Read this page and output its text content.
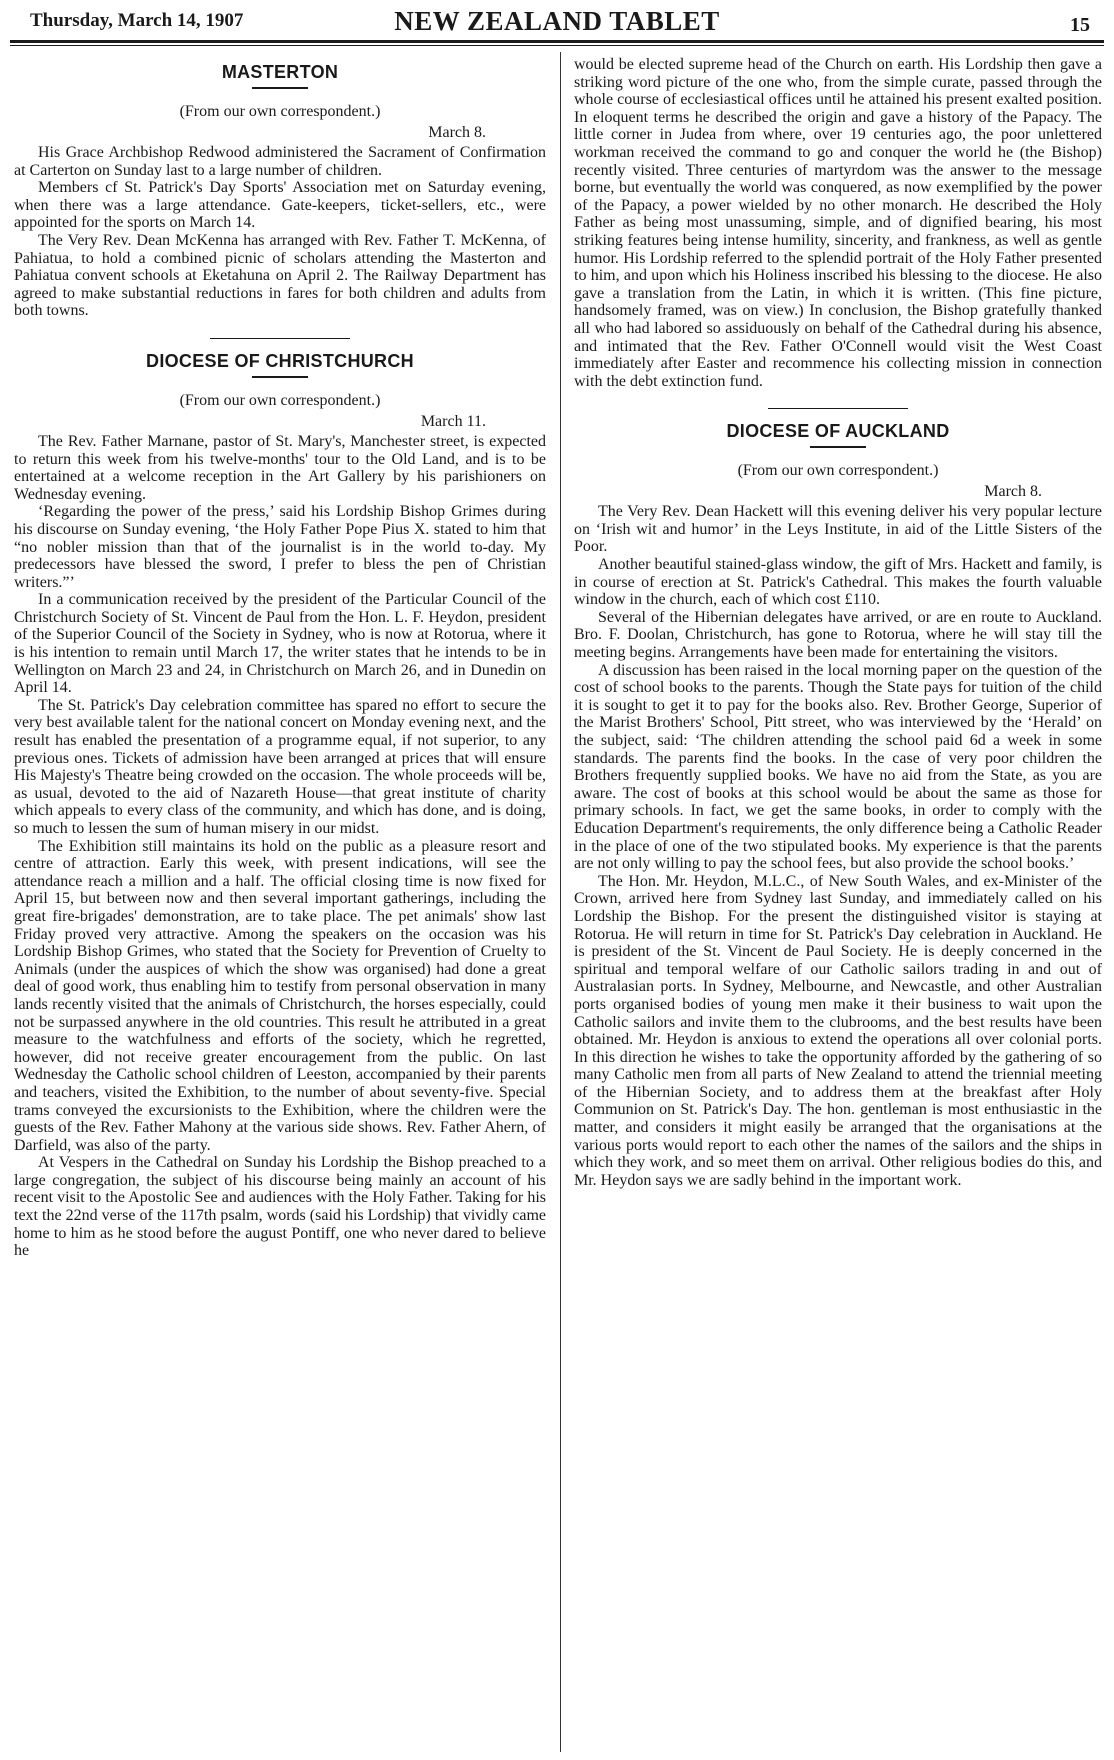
Thursday, March 14, 1907	NEW ZEALAND TABLET	15
MASTERTON
(From our own correspondent.)
March 8.

His Grace Archbishop Redwood administered the Sacrament of Confirmation at Carterton on Sunday last to a large number of children.

Members cf St. Patrick's Day Sports' Association met on Saturday evening, when there was a large attendance. Gate-keepers, ticket-sellers, etc., were appointed for the sports on March 14.

The Very Rev. Dean McKenna has arranged with Rev. Father T. McKenna, of Pahiatua, to hold a combined picnic of scholars attending the Masterton and Pahiatua convent schools at Eketahuna on April 2. The Railway Department has agreed to make substantial reductions in fares for both children and adults from both towns.

DIOCESE OF CHRISTCHURCH
(From our own correspondent.)
March 11.

The Rev. Father Marnane, pastor of St. Mary's, Manchester street, is expected to return this week from his twelve-months' tour to the Old Land, and is to be entertained at a welcome reception in the Art Gallery by his parishioners on Wednesday evening.

‘Regarding the power of the press,’ said his Lordship Bishop Grimes during his discourse on Sunday evening, ‘the Holy Father Pope Pius X. stated to him that “no nobler mission than that of the journalist is in the world to-day. My predecessors have blessed the sword, I prefer to bless the pen of Christian writers.”’

In a communication received by the president of the Particular Council of the Christchurch Society of St. Vincent de Paul from the Hon. L. F. Heydon, president of the Superior Council of the Society in Sydney, who is now at Rotorua, where it is his intention to remain until March 17, the writer states that he intends to be in Wellington on March 23 and 24, in Christchurch on March 26, and in Dunedin on April 14.

The St. Patrick's Day celebration committee has spared no effort to secure the very best available talent for the national concert on Monday evening next, and the result has enabled the presentation of a programme equal, if not superior, to any previous ones. Tickets of admission have been arranged at prices that will ensure His Majesty's Theatre being crowded on the occasion. The whole proceeds will be, as usual, devoted to the aid of Nazareth House—that great institute of charity which appeals to every class of the community, and which has done, and is doing, so much to lessen the sum of human misery in our midst.

The Exhibition still maintains its hold on the public as a pleasure resort and centre of attraction. Early this week, with present indications, will see the attendance reach a million and a half. The official closing time is now fixed for April 15, but between now and then several important gatherings, including the great fire-brigades' demonstration, are to take place. The pet animals' show last Friday proved very attractive. Among the speakers on the occasion was his Lordship Bishop Grimes, who stated that the Society for Prevention of Cruelty to Animals (under the auspices of which the show was organised) had done a great deal of good work, thus enabling him to testify from personal observation in many lands recently visited that the animals of Christchurch, the horses especially, could not be surpassed anywhere in the old countries. This result he attributed in a great measure to the watchfulness and efforts of the society, which he regretted, however, did not receive greater encouragement from the public. On last Wednesday the Catholic school children of Leeston, accompanied by their parents and teachers, visited the Exhibition, to the number of about seventy-five. Special trams conveyed the excursionists to the Exhibition, where the children were the guests of the Rev. Father Mahony at the various side shows. Rev. Father Ahern, of Darfield, was also of the party.

At Vespers in the Cathedral on Sunday his Lordship the Bishop preached to a large congregation, the subject of his discourse being mainly an account of his recent visit to the Apostolic See and audiences with the Holy Father. Taking for his text the 22nd verse of the 117th psalm, words (said his Lordship) that vividly came home to him as he stood before the august Pontiff, one who never dared to believe he

would be elected supreme head of the Church on earth. His Lordship then gave a striking word picture of the one who, from the simple curate, passed through the whole course of ecclesiastical offices until he attained his present exalted position. In eloquent terms he described the origin and gave a history of the Papacy. The little corner in Judea from where, over 19 centuries ago, the poor unlettered workman received the command to go and conquer the world he (the Bishop) recently visited. Three centuries of martyrdom was the answer to the message borne, but eventually the world was conquered, as now exemplified by the power of the Papacy, a power wielded by no other monarch. He described the Holy Father as being most unassuming, simple, and of dignified bearing, his most striking features being intense humility, sincerity, and frankness, as well as gentle humor. His Lordship referred to the splendid portrait of the Holy Father presented to him, and upon which his Holiness inscribed his blessing to the diocese. He also gave a translation from the Latin, in which it is written. (This fine picture, handsomely framed, was on view.) In conclusion, the Bishop gratefully thanked all who had labored so assiduously on behalf of the Cathedral during his absence, and intimated that the Rev. Father O'Connell would visit the West Coast immediately after Easter and recommence his collecting mission in connection with the debt extinction fund.

DIOCESE OF AUCKLAND
(From our own correspondent.)
March 8.

The Very Rev. Dean Hackett will this evening deliver his very popular lecture on ‘Irish wit and humor’ in the Leys Institute, in aid of the Little Sisters of the Poor.

Another beautiful stained-glass window, the gift of Mrs. Hackett and family, is in course of erection at St. Patrick's Cathedral. This makes the fourth valuable window in the church, each of which cost £110.

Several of the Hibernian delegates have arrived, or are en route to Auckland. Bro. F. Doolan, Christchurch, has gone to Rotorua, where he will stay till the meeting begins. Arrangements have been made for entertaining the visitors.

A discussion has been raised in the local morning paper on the question of the cost of school books to the parents. Though the State pays for tuition of the child it is sought to get it to pay for the books also. Rev. Brother George, Superior of the Marist Brothers' School, Pitt street, who was interviewed by the ‘Herald’ on the subject, said: ‘The children attending the school paid 6d a week in some standards. The parents find the books. In the case of very poor children the Brothers frequently supplied books. We have no aid from the State, as you are aware. The cost of books at this school would be about the same as those for primary schools. In fact, we get the same books, in order to comply with the Education Department's requirements, the only difference being a Catholic Reader in the place of one of the two stipulated books. My experience is that the parents are not only willing to pay the school fees, but also provide the school books.’

The Hon. Mr. Heydon, M.L.C., of New South Wales, and ex-Minister of the Crown, arrived here from Sydney last Sunday, and immediately called on his Lordship the Bishop. For the present the distinguished visitor is staying at Rotorua. He will return in time for St. Patrick's Day celebration in Auckland. He is president of the St. Vincent de Paul Society. He is deeply concerned in the spiritual and temporal welfare of our Catholic sailors trading in and out of Australasian ports. In Sydney, Melbourne, and Newcastle, and other Australian ports organised bodies of young men make it their business to wait upon the Catholic sailors and invite them to the clubrooms, and the best results have been obtained. Mr. Heydon is anxious to extend the operations all over colonial ports. In this direction he wishes to take the opportunity afforded by the gathering of so many Catholic men from all parts of New Zealand to attend the triennial meeting of the Hibernian Society, and to address them at the breakfast after Holy Communion on St. Patrick's Day. The hon. gentleman is most enthusiastic in the matter, and considers it might easily be arranged that the organisations at the various ports would report to each other the names of the sailors and the ships in which they work, and so meet them on arrival. Other religious bodies do this, and Mr. Heydon says we are sadly behind in the important work.
